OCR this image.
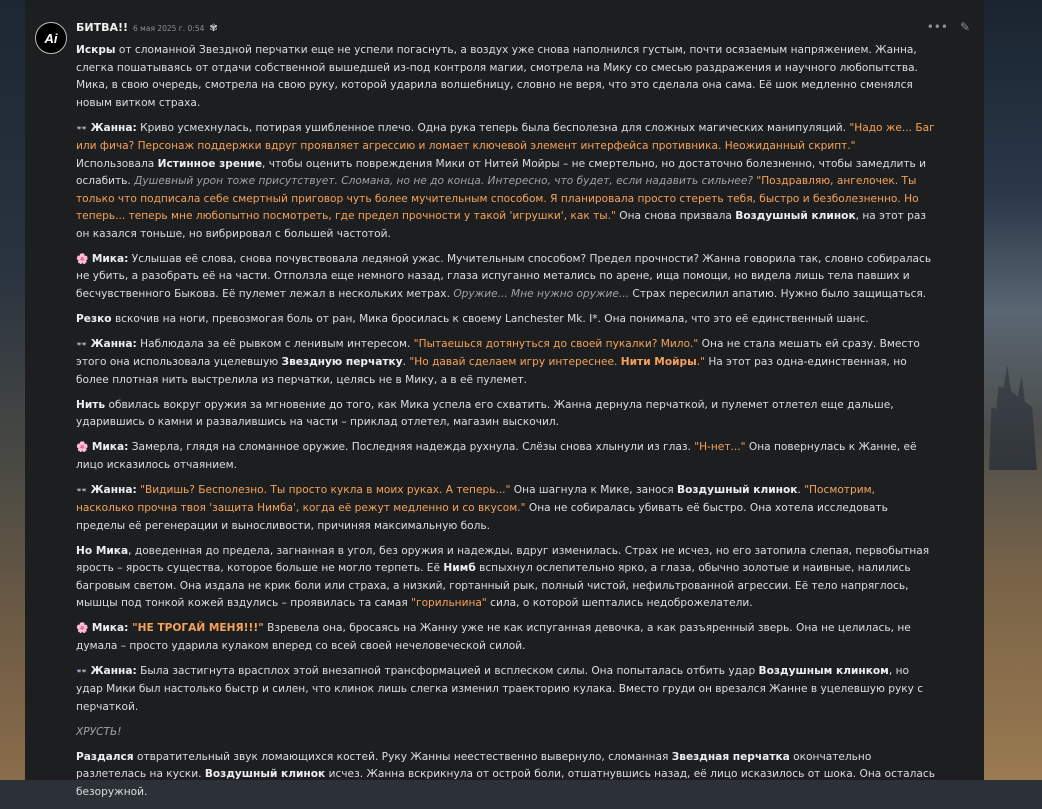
Ai
БИТВА!! 6 мая 2025 г. 0:54 ✾	••• ✎

Искры от сломанной Звездной перчатки еще не успели погаснуть, а воздух уже снова наполнился густым, почти осязаемым напряжением. Жанна, слегка пошатываясь от отдачи собственной вышедшей из-под контроля магии, смотрела на Мику со смесью раздражения и научного любопытства. Мика, в свою очередь, смотрела на свою руку, которой ударила волшебницу, словно не веря, что это сделала она сама. Её шок медленно сменялся новым витком страха.

👓 Жанна: Криво усмехнулась, потирая ушибленное плечо. Одна рука теперь была бесполезна для сложных магических манипуляций. "Надо же... Баг или фича? Персонаж поддержки вдруг проявляет агрессию и ломает ключевой элемент интерфейса противника. Неожиданный скрипт." Использовала Истинное зрение, чтобы оценить повреждения Мики от Нитей Мойры – не смертельно, но достаточно болезненно, чтобы замедлить и ослабить. Душевный урон тоже присутствует. Сломана, но не до конца. Интересно, что будет, если надавить сильнее? "Поздравляю, ангелочек. Ты только что подписала себе смертный приговор чуть более мучительным способом. Я планировала просто стереть тебя, быстро и безболезненно. Но теперь... теперь мне любопытно посмотреть, где предел прочности у такой 'игрушки', как ты." Она снова призвала Воздушный клинок, на этот раз он казался тоньше, но вибрировал с большей частотой.

🌸 Мика: Услышав её слова, снова почувствовала ледяной ужас. Мучительным способом? Предел прочности? Жанна говорила так, словно собиралась не убить, а разобрать её на части. Отползла еще немного назад, глаза испуганно метались по арене, ища помощи, но видела лишь тела павших и бесчувственного Быкова. Её пулемет лежал в нескольких метрах. Оружие... Мне нужно оружие... Страх пересилил апатию. Нужно было защищаться.

Резко вскочив на ноги, превозмогая боль от ран, Мика бросилась к своему Lanchester Mk. I*. Она понимала, что это её единственный шанс.

👓 Жанна: Наблюдала за её рывком с ленивым интересом. "Пытаешься дотянуться до своей пукалки? Мило." Она не стала мешать ей сразу. Вместо этого она использовала уцелевшую Звездную перчатку. "Но давай сделаем игру интереснее. Нити Мойры." На этот раз одна-единственная, но более плотная нить выстрелила из перчатки, целясь не в Мику, а в её пулемет.

Нить обвилась вокруг оружия за мгновение до того, как Мика успела его схватить. Жанна дернула перчаткой, и пулемет отлетел еще дальше, ударившись о камни и развалившись на части – приклад отлетел, магазин выскочил.

🌸 Мика: Замерла, глядя на сломанное оружие. Последняя надежда рухнула. Слёзы снова хлынули из глаз. "Н-нет..." Она повернулась к Жанне, её лицо исказилось отчаянием.

👓 Жанна: "Видишь? Бесполезно. Ты просто кукла в моих руках. А теперь..." Она шагнула к Мике, занося Воздушный клинок. "Посмотрим, насколько прочна твоя 'защита Нимба', когда её режут медленно и со вкусом." Она не собиралась убивать её быстро. Она хотела исследовать пределы её регенерации и выносливости, причиняя максимальную боль.

Но Мика, доведенная до предела, загнанная в угол, без оружия и надежды, вдруг изменилась. Страх не исчез, но его затопила слепая, первобытная ярость – ярость существа, которое больше не могло терпеть. Её Нимб вспыхнул ослепительно ярко, а глаза, обычно золотые и наивные, налились багровым светом. Она издала не крик боли или страха, а низкий, гортанный рык, полный чистой, нефильтрованной агрессии. Её тело напряглось, мышцы под тонкой кожей вздулись – проявилась та самая "горильнина" сила, о которой шептались недоброжелатели.

🌸 Мика: "НЕ ТРОГАЙ МЕНЯ!!!" Взревела она, бросаясь на Жанну уже не как испуганная девочка, а как разъяренный зверь. Она не целилась, не думала – просто ударила кулаком вперед со всей своей нечеловеческой силой.

👓 Жанна: Была застигнута врасплох этой внезапной трансформацией и всплеском силы. Она попыталась отбить удар Воздушным клинком, но удар Мики был настолько быстр и силен, что клинок лишь слегка изменил траекторию кулака. Вместо груди он врезался Жанне в уцелевшую руку с перчаткой.

ХРУСТЬ!

Раздался отвратительный звук ломающихся костей. Руку Жанны неестественно вывернуло, сломанная Звездная перчатка окончательно разлетелась на куски. Воздушный клинок исчез. Жанна вскрикнула от острой боли, отшатнувшись назад, её лицо исказилось от шока. Она осталась безоружной.
